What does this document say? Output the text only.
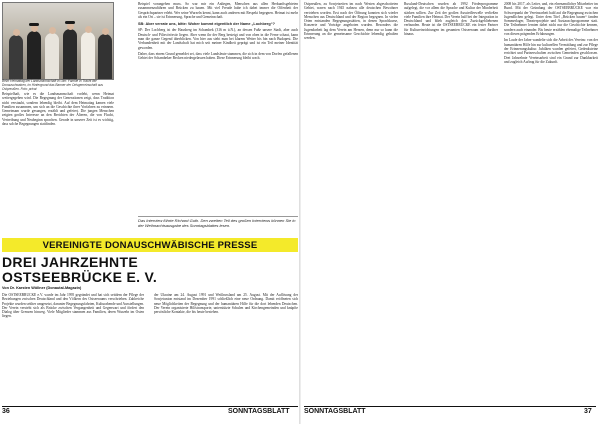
Beim Heimattag der Landsmannschaft in Ulm: Familie in Tracht der Donauschwaben, im Hintergrund das Banner der Ortsgemeinschaft aus Ostpreußen. Foto: privat

Beispielhaft, wie es die Landsmannschaft vorlebt, wenn Heimat weitergegeben wird. Die Begegnung der Generationen zeigt, dass Tradition nicht verstaubt, sondern lebendig bleibt. Auf dem Heimattag kamen viele Familien zusammen, um sich an die Geschichte ihrer Vorfahren zu erinnern. Gemeinsam wurde gesungen, erzählt und gefeiert. Die jungen Menschen zeigten großes Interesse an den Berichten der Älteren, die von Flucht, Vertreibung und Neubeginn sprachen. Gerade in unserer Zeit ist es wichtig, dass solche Begegnungen stattfinden.

Beispiel vorangehen muss. So war mir ein Anliegen, Menschen aus allen Herkunftsgebieten zusammenzuführen und Brücken zu bauen. Mit viel Freude habe ich dabei immer die Offenheit der Gesprächspartner erlebt. Wer seine Wurzeln kennt, kann auch anderen mit Respekt begegnen. Heimat ist mehr als ein Ort – sie ist Erinnerung, Sprache und Gemeinschaft.

SB: Aber verrate uns, bitte: Woher kommt eigentlich der Name „Lochberg“?

SP: Der Lochberg ist der Hausberg im Schambek (316 m ü.N.), an dessen Fuße unsere Stadt, aber auch Deutsch- und Pilisvörösvár liegen. Aber wenn ihr der Berg besteigt und von oben in die Ferne schaut, kann man die ganze Gegend überblicken. Von hier aus sieht man bei klarem Wetter bis hin nach Budapest. Die Verbundenheit mit der Landschaft hat mich seit meiner Kindheit geprägt und ist ein Teil meiner Identität geworden.

Daher, dass einem Grund gemeldet sei, dass viele Landsleute stammen, die sich in dem von Dorfen gefallenen Gebiet der Schambeker Becken niedergelassen haben. Diese Erinnerung bleibt wach.

Das Interview führte Richard Guth. Den zweiten Teil des großen Interviews können Sie in der Weihnachtsausgabe des Sonntagsblattes lesen.
VEREINIGTE DONAUSCHWÄBISCHE PRESSE
DREI JAHRZEHNTE
OSTSEEBRÜCKE E. V.
Von Dr. Karsten Wöllner (Donautal-Magazin)

Die OSTSEEBRÜCKE e.V. wurde im Jahr 1995 gegründet und hat sich seitdem der Pflege der Beziehungen zwischen Deutschland und den Völkern des Ostseeraums verschrieben. Zahlreiche Projekte wurden seither umgesetzt, darunter Begegnungsfahrten, Kulturabende und Ausstellungen. Der Verein versteht sich als Brücke zwischen Vergangenheit und Gegenwart und fördert den Dialog über Grenzen hinweg. Viele Mitglieder stammen aus Familien, deren Wurzeln im Osten liegen.

der Ukraine am 24. August 1991 und Weißrussland am 25. August. Mit der Auflösung der Sowjetunion entstand im Dezember 1991 schließlich eine neue Ordnung. Damit eröffneten sich neue Möglichkeiten der Begegnung und der humanitären Hilfe für die dort lebenden Deutschen. Der Verein organisierte Hilfstransporte, unterstützte Schulen und Kirchengemeinden und knüpfte persönliche Kontakte, die bis heute bestehen.

36	SONNTAGSBLATT

Ostpreußen, zu Sowjetzeiten im nach Westen abgeschotteten Gebiet, waren nach 1945 nahezu alle deutschen Bewohner vertrieben worden. Erst nach der Öffnung konnten sich wieder Menschen aus Deutschland und der Region begegnen. In vielen Orten entstanden Begegnungsstätten, in denen Sprachkurse, Konzerte und Vorträge angeboten wurden. Besonders die Jugendarbeit lag dem Verein am Herzen, denn nur so kann die Erinnerung an die gemeinsame Geschichte lebendig gehalten werden.

Russland-Deutschen wurden ab 1992 Förderprogramme aufgelegt, die vor allem die Sprache und Kultur der Minderheit stärken sollten. Zur Zeit der großen Aussiedlerwelle verließen viele Familien ihre Heimat. Der Verein half bei der Integration in Deutschland und blieb zugleich den Zurückgebliebenen verbunden. Heute ist die OSTSEEBRÜCKE ein fester Partner für Kultureinrichtungen im gesamten Ostseeraum und darüber hinaus.

2008 bis 2017, als Leiter, und, ein ehrenamtlicher Mitarbeiter im Bund. Mit der Gründung der OSTSEEBRÜCKE war ein Schwerpunkt der Vereinsarbeit bald auf die Begegnung zwischen Jugendlichen gelegt. Unter dem Titel „Brücken bauen“ fanden Sommerlager, Theaterprojekte und Austauschprogramme statt. Die Teilnehmer lernten dabei nicht nur die Geschichte kennen, sondern auch einander. Bis heute erzählen ehemalige Teilnehmer von diesen prägenden Erfahrungen.

Im Laufe der Jahre wandelte sich die Arbeit des Vereins: von der humanitären Hilfe hin zur kulturellen Vermittlung und zur Pflege der Erinnerungskultur. Jubiläen wurden gefeiert, Gedenksteine errichtet und Partnerschaften zwischen Gemeinden geschlossen. Drei Jahrzehnte Vereinsarbeit sind ein Grund zur Dankbarkeit und zugleich Auftrag für die Zukunft.

SONNTAGSBLATT	37
